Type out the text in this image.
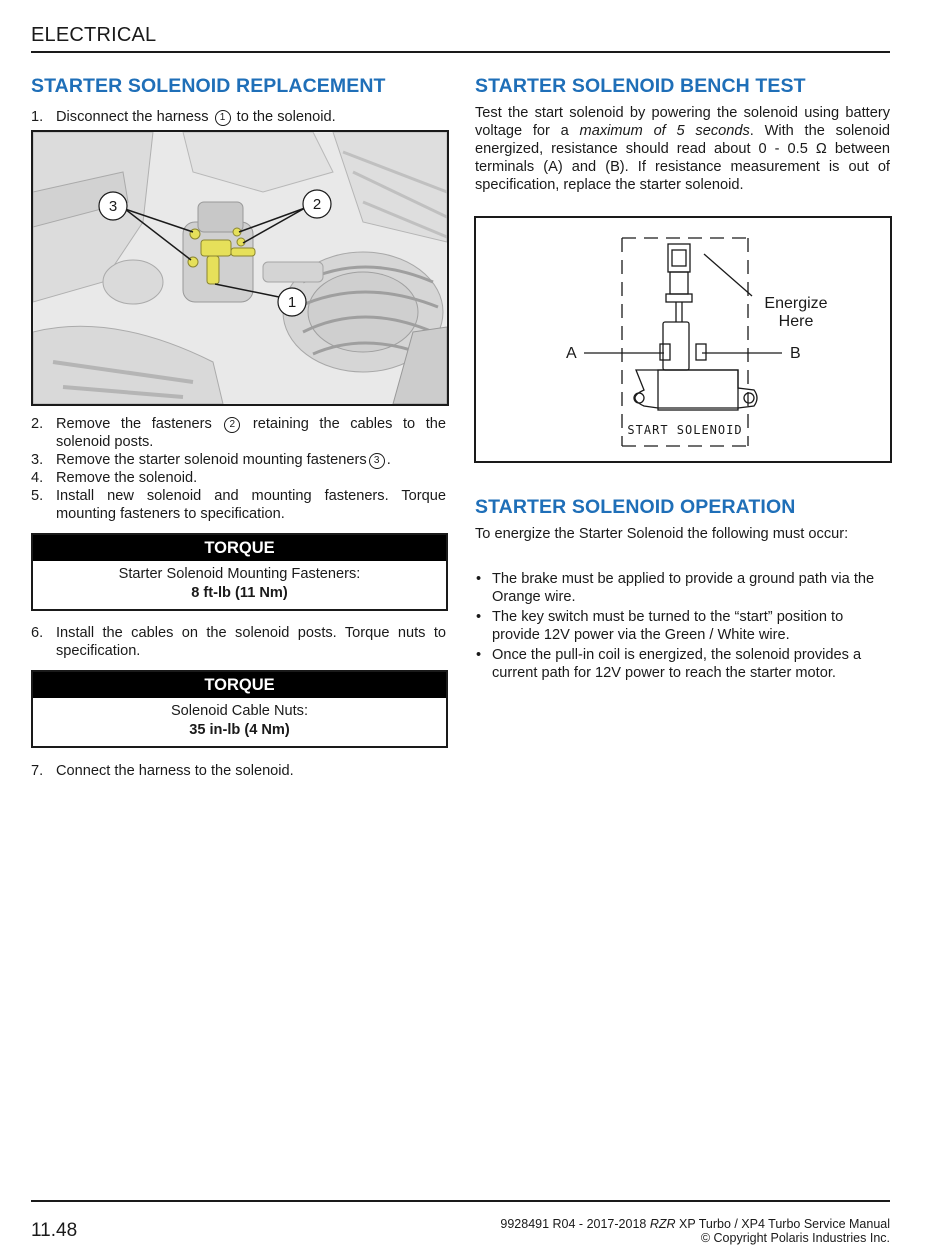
ELECTRICAL
STARTER SOLENOID REPLACEMENT
1. Disconnect the harness 1 to the solenoid.
3	2
1
2. Remove the fasteners 2 retaining the cables to the solenoid posts.
3. Remove the starter solenoid mounting fasteners 3 .
4. Remove the solenoid.
5. Install new solenoid and mounting fasteners. Torque mounting fasteners to specification.
TORQUE
Starter Solenoid Mounting Fasteners:
8 ft-lb (11 Nm)
6. Install the cables on the solenoid posts. Torque nuts to specification.
TORQUE
Solenoid Cable Nuts:
35 in-lb (4 Nm)
7. Connect the harness to the solenoid.
STARTER SOLENOID BENCH TEST
Test the start solenoid by powering the solenoid using battery voltage for a maximum of 5 seconds. With the solenoid energized, resistance should read about 0 - 0.5 Ω between terminals (A) and (B). If resistance measurement is out of specification, replace the starter solenoid.
Energize
Here
A	B
START SOLENOID
STARTER SOLENOID OPERATION
To energize the Starter Solenoid the following must occur:
• The brake must be applied to provide a ground path via the Orange wire.
• The key switch must be turned to the “start” position to provide 12V power via the Green / White wire.
• Once the pull-in coil is energized, the solenoid provides a current path for 12V power to reach the starter motor.
11.48	9928491 R04 - 2017-2018 RZR XP Turbo / XP4 Turbo Service Manual
© Copyright Polaris Industries Inc.
